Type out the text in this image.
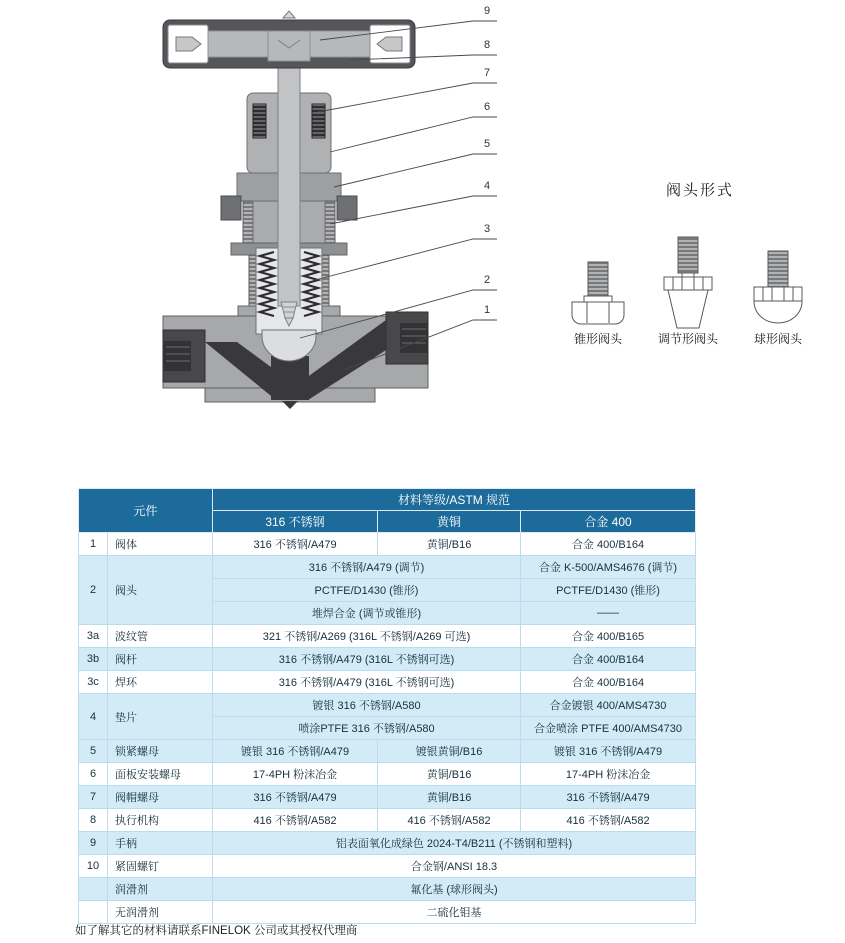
9
8
7
6
5
4
3
2
1
阀头形式
锥形阀头	调节形阀头	球形阀头
元件		材料等级/ASTM 规范		
		316 不锈钢	黄铜	合金 400
1	阀体	316 不锈钢/A479	黄铜/B16	合金 400/B164
2	阀头	316 不锈钢/A479 (调节)		合金 K-500/AMS4676 (调节)
		PCTFE/D1430 (锥形)		PCTFE/D1430 (锥形)
		堆焊合金 (调节或锥形)		——
3a	波纹管	321 不锈钢/A269 (316L 不锈钢/A269 可选)		合金 400/B165
3b	阀杆	316 不锈钢/A479 (316L 不锈钢可选)		合金 400/B164
3c	焊环	316 不锈钢/A479 (316L 不锈钢可选)		合金 400/B164
4	垫片	镀银 316 不锈钢/A580		合金镀银 400/AMS4730
		喷涂PTFE 316 不锈钢/A580		合金喷涂 PTFE 400/AMS4730
5	锁紧螺母	镀银 316 不锈钢/A479	镀银黄铜/B16	镀银 316 不锈钢/A479
6	面板安装螺母	17-4PH 粉沫冶金	黄铜/B16	17-4PH 粉沫冶金
7	阀帽螺母	316 不锈钢/A479	黄铜/B16	316 不锈钢/A479
8	执行机构	416 不锈钢/A582	416 不锈钢/A582	416 不锈钢/A582
9	手柄	铝表面氧化成绿色 2024-T4/B211 (不锈钢和塑料)		
10	紧固螺钉	合金钢/ANSI 18.3		
	润滑剂	氟化基 (球形阀头)		
	无润滑剂	二硫化钼基		
如了解其它的材料请联系FINELOK 公司或其授权代理商
